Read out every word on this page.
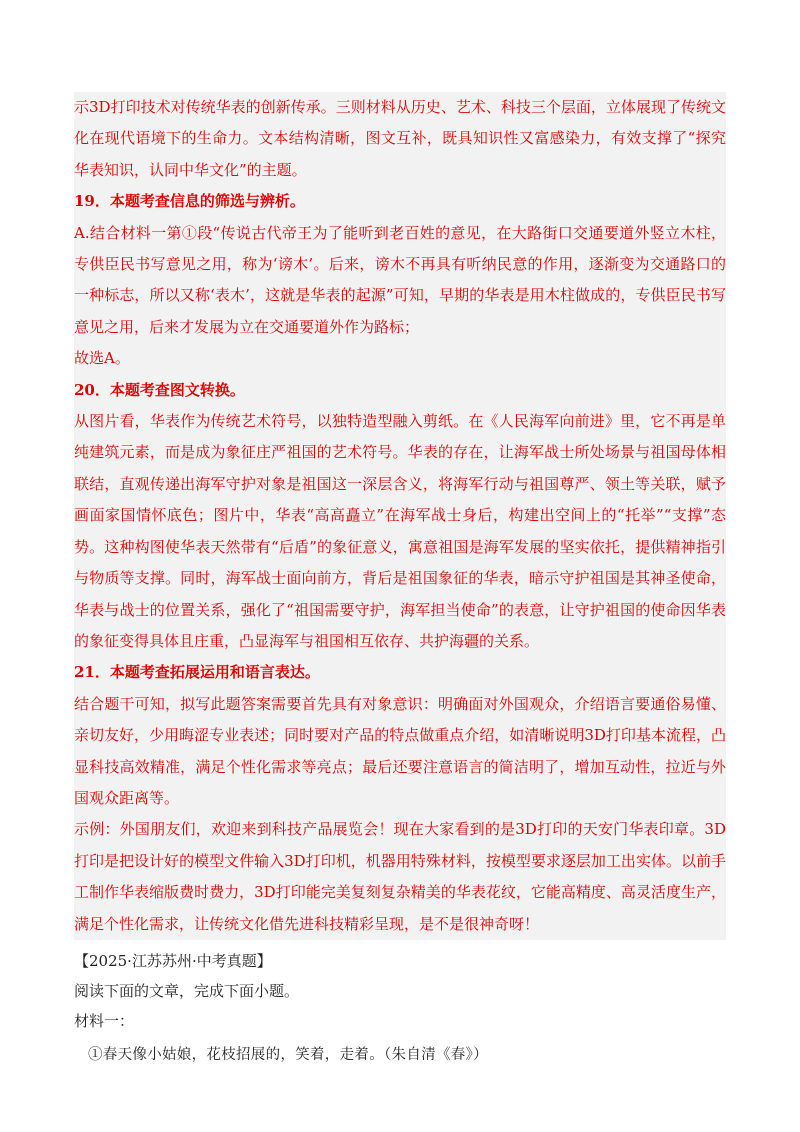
示3D打印技术对传统华表的创新传承。三则材料从历史、艺术、科技三个层面，立体展现了传统文化在现代语境下的生命力。文本结构清晰，图文互补，既具知识性又富感染力，有效支撑了“探究华表知识，认同中华文化”的主题。

19．本题考查信息的筛选与辨析。

A.结合材料一第①段“传说古代帝王为了能听到老百姓的意见，在大路街口交通要道外竖立木柱，专供臣民书写意见之用，称为‘谤木’。后来，谤木不再具有听纳民意的作用，逐渐变为交通路口的一种标志，所以又称‘表木’，这就是华表的起源”可知，早期的华表是用木柱做成的，专供臣民书写意见之用，后来才发展为立在交通要道外作为路标；

故选A。

20．本题考查图文转换。

从图片看，华表作为传统艺术符号，以独特造型融入剪纸。在《人民海军向前进》里，它不再是单纯建筑元素，而是成为象征庄严祖国的艺术符号。华表的存在，让海军战士所处场景与祖国母体相联结，直观传递出海军守护对象是祖国这一深层含义，将海军行动与祖国尊严、领土等关联，赋予画面家国情怀底色；图片中，华表“高高矗立”在海军战士身后，构建出空间上的“托举”“支撑”态势。这种构图使华表天然带有“后盾”的象征意义，寓意祖国是海军发展的坚实依托，提供精神指引与物质等支撑。同时，海军战士面向前方，背后是祖国象征的华表，暗示守护祖国是其神圣使命，华表与战士的位置关系，强化了“祖国需要守护，海军担当使命”的表意，让守护祖国的使命因华表的象征变得具体且庄重，凸显海军与祖国相互依存、共护海疆的关系。

21．本题考查拓展运用和语言表达。

结合题干可知，拟写此题答案需要首先具有对象意识：明确面对外国观众，介绍语言要通俗易懂、亲切友好，少用晦涩专业表述；同时要对产品的特点做重点介绍，如清晰说明3D打印基本流程，凸显科技高效精准，满足个性化需求等亮点；最后还要注意语言的简洁明了，增加互动性，拉近与外国观众距离等。

示例：外国朋友们，欢迎来到科技产品展览会！现在大家看到的是3D打印的天安门华表印章。3D打印是把设计好的模型文件输入3D打印机，机器用特殊材料，按模型要求逐层加工出实体。以前手工制作华表缩版费时费力，3D打印能完美复刻复杂精美的华表花纹，它能高精度、高灵活度生产，满足个性化需求，让传统文化借先进科技精彩呈现，是不是很神奇呀！

【2025·江苏苏州·中考真题】

阅读下面的文章，完成下面小题。

材料一：

①春天像小姑娘，花枝招展的，笑着，走着。（朱自清《春》）
